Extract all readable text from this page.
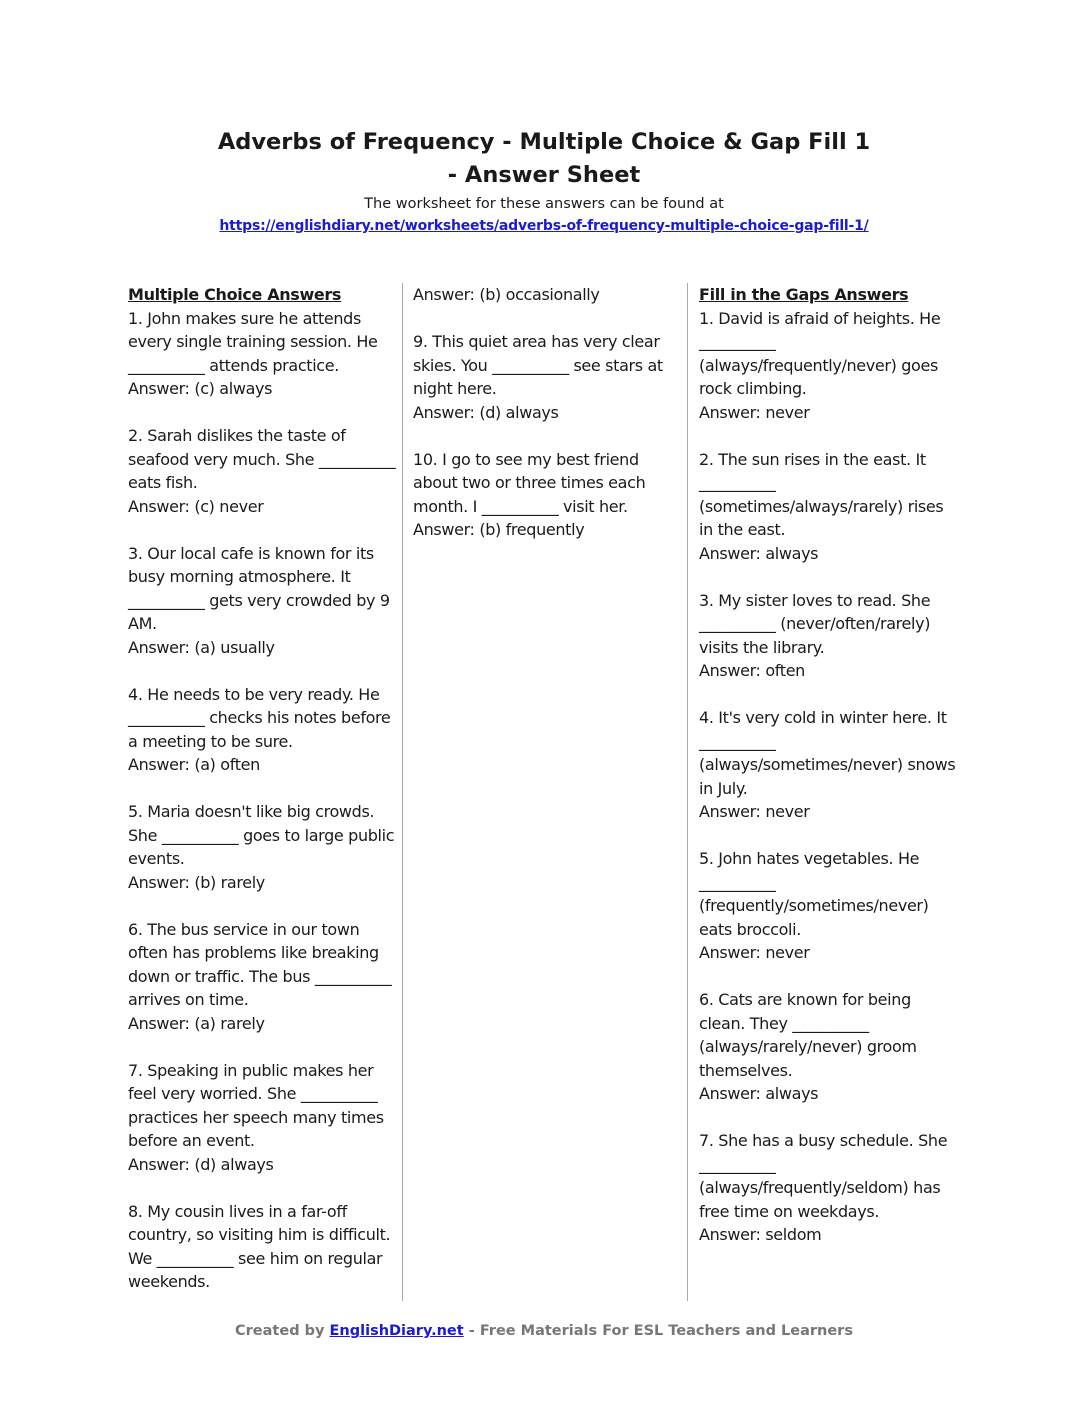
Adverbs of Frequency - Multiple Choice & Gap Fill 1
- Answer Sheet
The worksheet for these answers can be found at
https://englishdiary.net/worksheets/adverbs-of-frequency-multiple-choice-gap-fill-1/
Multiple Choice Answers

1. John makes sure he attends every single training session. He __________ attends practice.

Answer: (c) always

2. Sarah dislikes the taste of seafood very much. She __________ eats fish.

Answer: (c) never

3. Our local cafe is known for its busy morning atmosphere. It __________ gets very crowded by 9 AM.

Answer: (a) usually

4. He needs to be very ready. He __________ checks his notes before a meeting to be sure.

Answer: (a) often

5. Maria doesn't like big crowds. She __________ goes to large public events.

Answer: (b) rarely

6. The bus service in our town often has problems like breaking down or traffic. The bus __________ arrives on time.

Answer: (a) rarely

7. Speaking in public makes her feel very worried. She __________ practices her speech many times before an event.

Answer: (d) always

8. My cousin lives in a far-off country, so visiting him is difficult. We __________ see him on regular weekends.

Answer: (b) occasionally

9. This quiet area has very clear skies. You __________ see stars at night here.

Answer: (d) always

10. I go to see my best friend about two or three times each month. I __________ visit her.

Answer: (b) frequently

Fill in the Gaps Answers

1. David is afraid of heights. He __________ (always/frequently/never) goes rock climbing.

Answer: never

2. The sun rises in the east. It __________ (sometimes/always/rarely) rises in the east.

Answer: always

3. My sister loves to read. She __________ (never/often/rarely) visits the library.

Answer: often

4. It's very cold in winter here. It __________ (always/sometimes/never) snows in July.

Answer: never

5. John hates vegetables. He __________ (frequently/sometimes/never) eats broccoli.

Answer: never

6. Cats are known for being clean. They __________ (always/rarely/never) groom themselves.

Answer: always

7. She has a busy schedule. She __________ (always/frequently/seldom) has free time on weekdays.

Answer: seldom

Created by EnglishDiary.net - Free Materials For ESL Teachers and Learners
